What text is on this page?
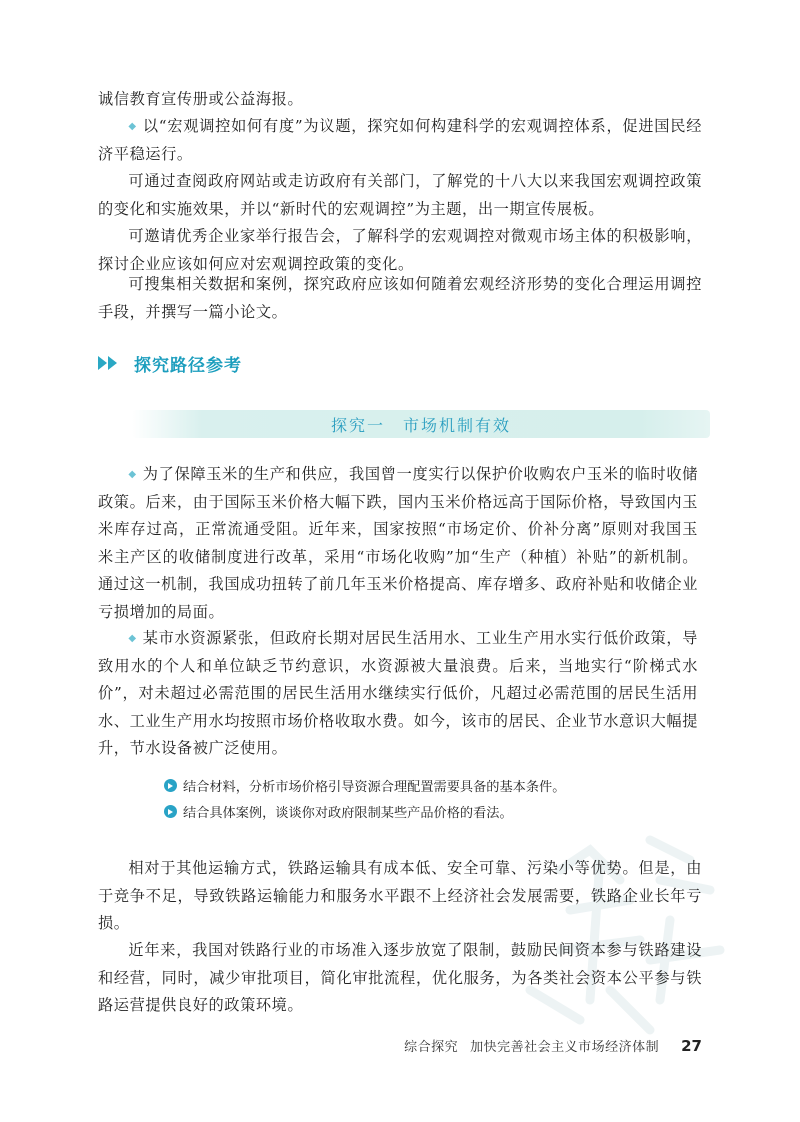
诚信教育宣传册或公益海报。

◆ 以“宏观调控如何有度”为议题，探究如何构建科学的宏观调控体系，促进国民经济平稳运行。

可通过查阅政府网站或走访政府有关部门，了解党的十八大以来我国宏观调控政策的变化和实施效果，并以“新时代的宏观调控”为主题，出一期宣传展板。

可邀请优秀企业家举行报告会，了解科学的宏观调控对微观市场主体的积极影响，探讨企业应该如何应对宏观调控政策的变化。

可搜集相关数据和案例，探究政府应该如何随着宏观经济形势的变化合理运用调控手段，并撰写一篇小论文。

探究路径参考
探究一　市场机制有效

◆ 为了保障玉米的生产和供应，我国曾一度实行以保护价收购农户玉米的临时收储政策。后来，由于国际玉米价格大幅下跌，国内玉米价格远高于国际价格，导致国内玉米库存过高，正常流通受阻。近年来，国家按照“市场定价、价补分离”原则对我国玉米主产区的收储制度进行改革，采用“市场化收购”加“生产（种植）补贴”的新机制。通过这一机制，我国成功扭转了前几年玉米价格提高、库存增多、政府补贴和收储企业亏损增加的局面。

◆ 某市水资源紧张，但政府长期对居民生活用水、工业生产用水实行低价政策，导致用水的个人和单位缺乏节约意识，水资源被大量浪费。后来，当地实行“阶梯式水价”，对未超过必需范围的居民生活用水继续实行低价，凡超过必需范围的居民生活用水、工业生产用水均按照市场价格收取水费。如今，该市的居民、企业节水意识大幅提升，节水设备被广泛使用。

结合材料，分析市场价格引导资源合理配置需要具备的基本条件。
结合具体案例，谈谈你对政府限制某些产品价格的看法。

相对于其他运输方式，铁路运输具有成本低、安全可靠、污染小等优势。但是，由于竞争不足，导致铁路运输能力和服务水平跟不上经济社会发展需要，铁路企业长年亏损。

近年来，我国对铁路行业的市场准入逐步放宽了限制，鼓励民间资本参与铁路建设和经营，同时，减少审批项目，简化审批流程，优化服务，为各类社会资本公平参与铁路运营提供良好的政策环境。

综合探究 加快完善社会主义市场经济体制 27
